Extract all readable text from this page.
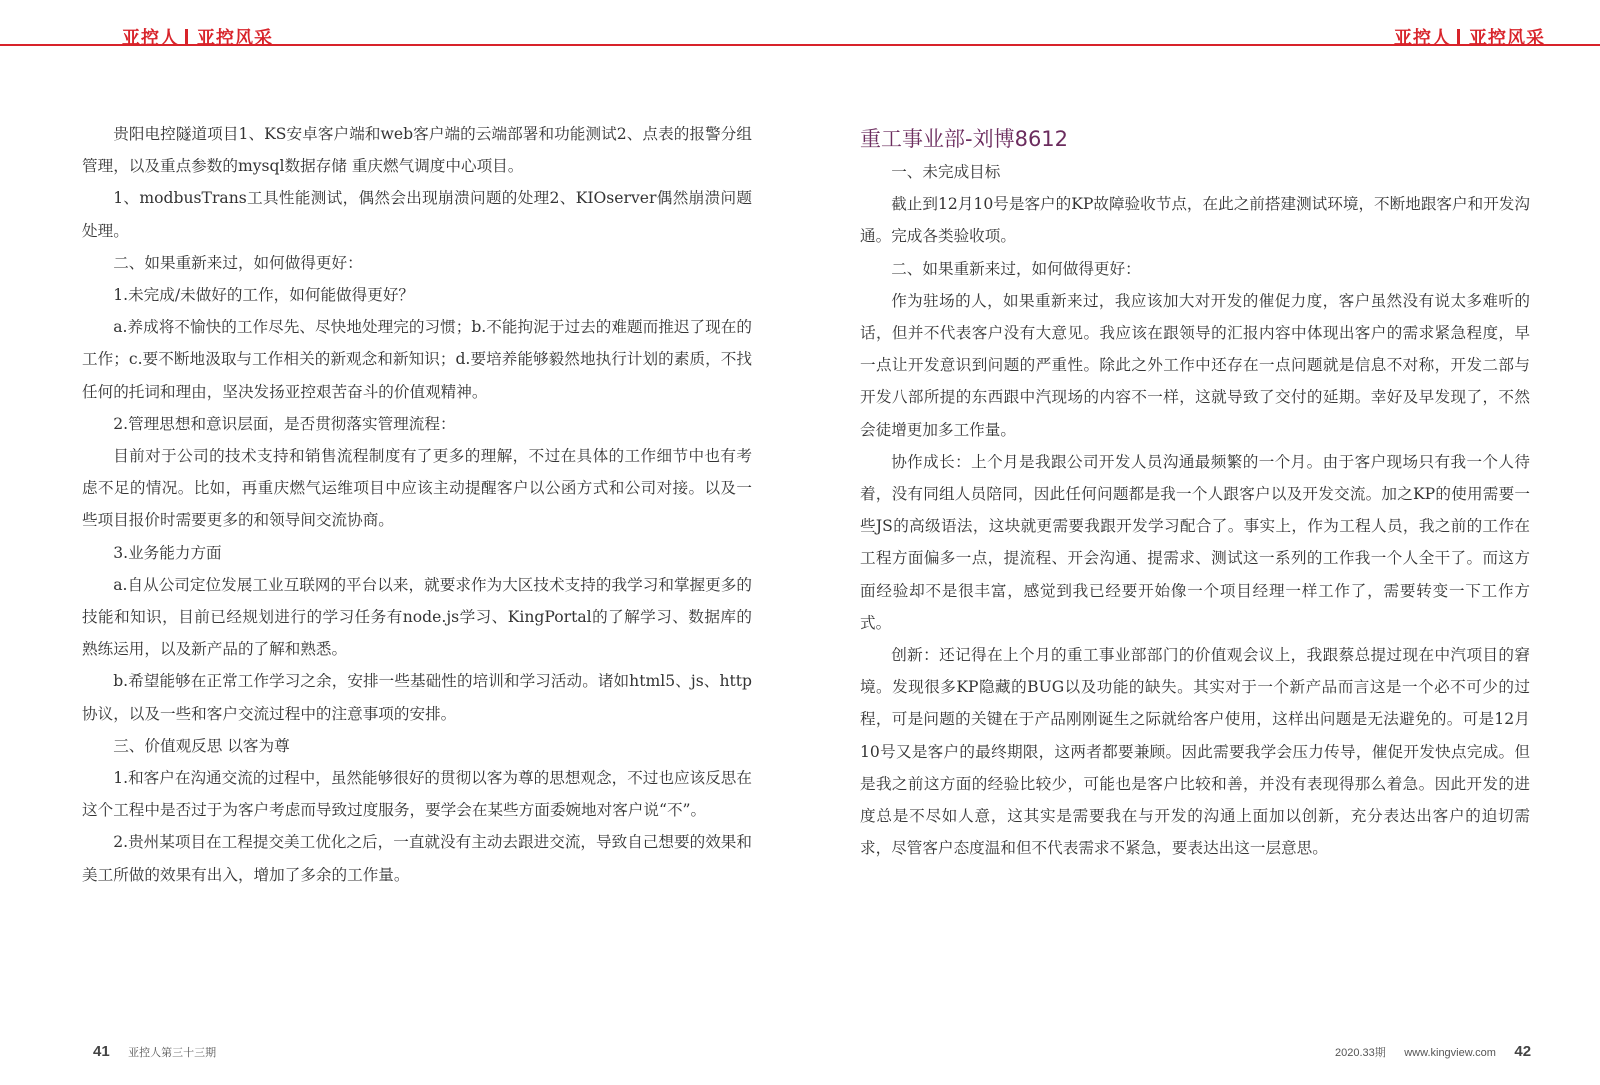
亚控人 亚控风采	亚控人 亚控风采

贵阳电控隧道项目1、KS安卓客户端和web客户端的云端部署和功能测试2、点表的报警分组管理，以及重点参数的mysql数据存储 重庆燃气调度中心项目。

1、modbusTrans工具性能测试，偶然会出现崩溃问题的处理2、KIOserver偶然崩溃问题处理。

二、如果重新来过，如何做得更好：

1.未完成/未做好的工作，如何能做得更好？

a.养成将不愉快的工作尽先、尽快地处理完的习惯；b.不能拘泥于过去的难题而推迟了现在的工作；c.要不断地汲取与工作相关的新观念和新知识；d.要培养能够毅然地执行计划的素质，不找任何的托词和理由，坚决发扬亚控艰苦奋斗的价值观精神。

2.管理思想和意识层面，是否贯彻落实管理流程：

目前对于公司的技术支持和销售流程制度有了更多的理解，不过在具体的工作细节中也有考虑不足的情况。比如，再重庆燃气运维项目中应该主动提醒客户以公函方式和公司对接。以及一些项目报价时需要更多的和领导间交流协商。

3.业务能力方面

a.自从公司定位发展工业互联网的平台以来，就要求作为大区技术支持的我学习和掌握更多的技能和知识，目前已经规划进行的学习任务有node.js学习、KingPortal的了解学习、数据库的熟练运用，以及新产品的了解和熟悉。

b.希望能够在正常工作学习之余，安排一些基础性的培训和学习活动。诸如html5、js、http协议，以及一些和客户交流过程中的注意事项的安排。

三、价值观反思 以客为尊

1.和客户在沟通交流的过程中，虽然能够很好的贯彻以客为尊的思想观念，不过也应该反思在这个工程中是否过于为客户考虑而导致过度服务，要学会在某些方面委婉地对客户说“不”。

2.贵州某项目在工程提交美工优化之后，一直就没有主动去跟进交流，导致自己想要的效果和美工所做的效果有出入，增加了多余的工作量。

重工事业部-刘博8612

一、未完成目标

截止到12月10号是客户的KP故障验收节点，在此之前搭建测试环境，不断地跟客户和开发沟通。完成各类验收项。

二、如果重新来过，如何做得更好：

作为驻场的人，如果重新来过，我应该加大对开发的催促力度，客户虽然没有说太多难听的话，但并不代表客户没有大意见。我应该在跟领导的汇报内容中体现出客户的需求紧急程度，早一点让开发意识到问题的严重性。除此之外工作中还存在一点问题就是信息不对称，开发二部与开发八部所提的东西跟中汽现场的内容不一样，这就导致了交付的延期。幸好及早发现了，不然会徒增更加多工作量。

协作成长：上个月是我跟公司开发人员沟通最频繁的一个月。由于客户现场只有我一个人待着，没有同组人员陪同，因此任何问题都是我一个人跟客户以及开发交流。加之KP的使用需要一些JS的高级语法，这块就更需要我跟开发学习配合了。事实上，作为工程人员，我之前的工作在工程方面偏多一点，提流程、开会沟通、提需求、测试这一系列的工作我一个人全干了。而这方面经验却不是很丰富，感觉到我已经要开始像一个项目经理一样工作了，需要转变一下工作方式。

创新：还记得在上个月的重工事业部部门的价值观会议上，我跟蔡总提过现在中汽项目的窘境。发现很多KP隐藏的BUG以及功能的缺失。其实对于一个新产品而言这是一个必不可少的过程，可是问题的关键在于产品刚刚诞生之际就给客户使用，这样出问题是无法避免的。可是12月10号又是客户的最终期限，这两者都要兼顾。因此需要我学会压力传导，催促开发快点完成。但是我之前这方面的经验比较少，可能也是客户比较和善，并没有表现得那么着急。因此开发的进度总是不尽如人意，这其实是需要我在与开发的沟通上面加以创新，充分表达出客户的迫切需求，尽管客户态度温和但不代表需求不紧急，要表达出这一层意思。

41 亚控人第三十三期	2020.33期 www.kingview.com 42
